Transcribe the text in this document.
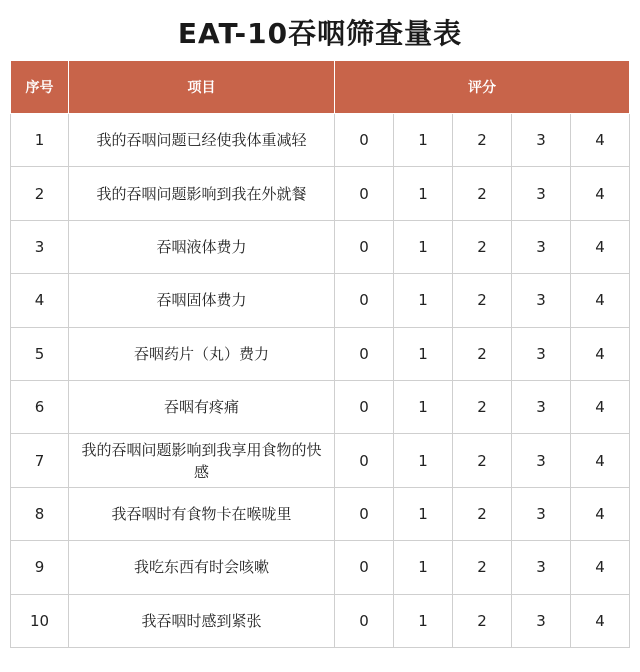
EAT-10吞咽筛查量表
序号	项目	评分				
1	我的吞咽问题已经使我体重减轻	0	1	2	3	4
2	我的吞咽问题影响到我在外就餐	0	1	2	3	4
3	吞咽液体费力	0	1	2	3	4
4	吞咽固体费力	0	1	2	3	4
5	吞咽药片（丸）费力	0	1	2	3	4
6	吞咽有疼痛	0	1	2	3	4
7	我的吞咽问题影响到我享用食物的快感	0	1	2	3	4
8	我吞咽时有食物卡在喉咙里	0	1	2	3	4
9	我吃东西有时会咳嗽	0	1	2	3	4
10	我吞咽时感到紧张	0	1	2	3	4
